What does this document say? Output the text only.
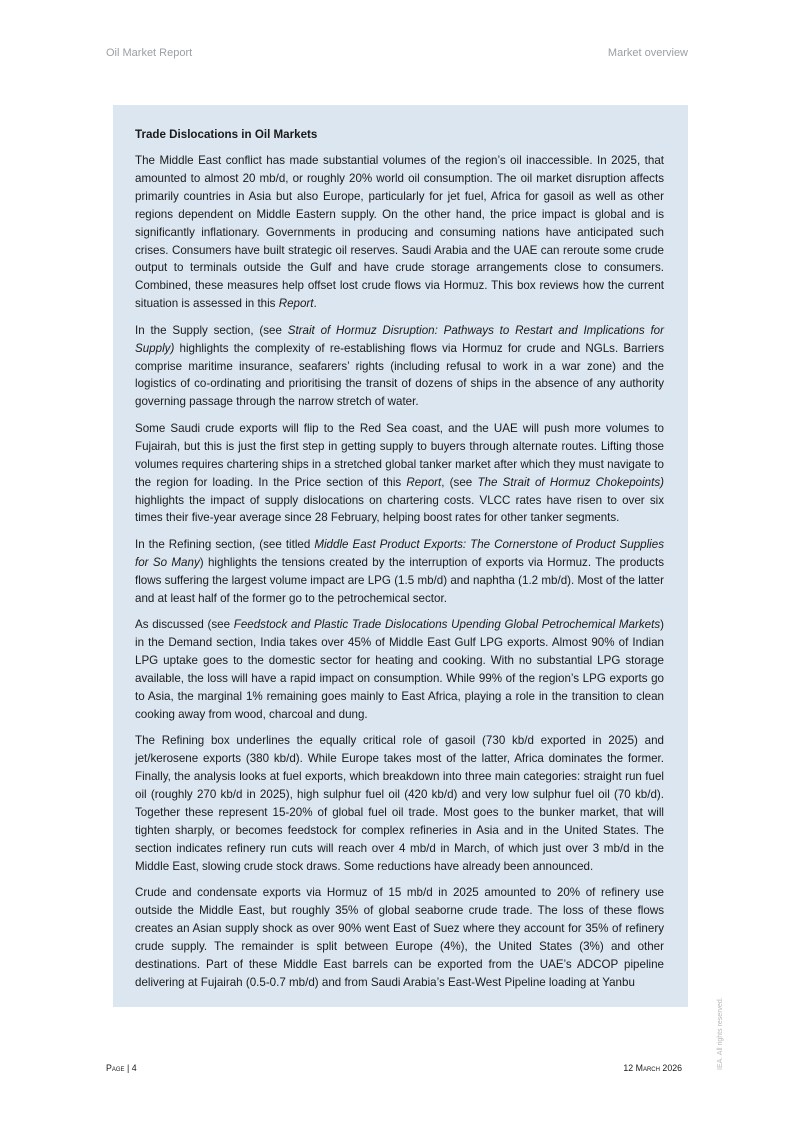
Oil Market Report	Market overview
Trade Dislocations in Oil Markets

The Middle East conflict has made substantial volumes of the region’s oil inaccessible. In 2025, that amounted to almost 20 mb/d, or roughly 20% world oil consumption. The oil market disruption affects primarily countries in Asia but also Europe, particularly for jet fuel, Africa for gasoil as well as other regions dependent on Middle Eastern supply. On the other hand, the price impact is global and is significantly inflationary. Governments in producing and consuming nations have anticipated such crises. Consumers have built strategic oil reserves. Saudi Arabia and the UAE can reroute some crude output to terminals outside the Gulf and have crude storage arrangements close to consumers. Combined, these measures help offset lost crude flows via Hormuz. This box reviews how the current situation is assessed in this Report.

In the Supply section, (see Strait of Hormuz Disruption: Pathways to Restart and Implications for Supply) highlights the complexity of re-establishing flows via Hormuz for crude and NGLs. Barriers comprise maritime insurance, seafarers’ rights (including refusal to work in a war zone) and the logistics of co-ordinating and prioritising the transit of dozens of ships in the absence of any authority governing passage through the narrow stretch of water.

Some Saudi crude exports will flip to the Red Sea coast, and the UAE will push more volumes to Fujairah, but this is just the first step in getting supply to buyers through alternate routes. Lifting those volumes requires chartering ships in a stretched global tanker market after which they must navigate to the region for loading. In the Price section of this Report, (see The Strait of Hormuz Chokepoints) highlights the impact of supply dislocations on chartering costs. VLCC rates have risen to over six times their five-year average since 28 February, helping boost rates for other tanker segments.

In the Refining section, (see titled Middle East Product Exports: The Cornerstone of Product Supplies for So Many) highlights the tensions created by the interruption of exports via Hormuz. The products flows suffering the largest volume impact are LPG (1.5 mb/d) and naphtha (1.2 mb/d). Most of the latter and at least half of the former go to the petrochemical sector.

As discussed (see Feedstock and Plastic Trade Dislocations Upending Global Petrochemical Markets) in the Demand section, India takes over 45% of Middle East Gulf LPG exports. Almost 90% of Indian LPG uptake goes to the domestic sector for heating and cooking. With no substantial LPG storage available, the loss will have a rapid impact on consumption. While 99% of the region’s LPG exports go to Asia, the marginal 1% remaining goes mainly to East Africa, playing a role in the transition to clean cooking away from wood, charcoal and dung.

The Refining box underlines the equally critical role of gasoil (730 kb/d exported in 2025) and jet/kerosene exports (380 kb/d). While Europe takes most of the latter, Africa dominates the former. Finally, the analysis looks at fuel exports, which breakdown into three main categories: straight run fuel oil (roughly 270 kb/d in 2025), high sulphur fuel oil (420 kb/d) and very low sulphur fuel oil (70 kb/d). Together these represent 15-20% of global fuel oil trade. Most goes to the bunker market, that will tighten sharply, or becomes feedstock for complex refineries in Asia and in the United States. The section indicates refinery run cuts will reach over 4 mb/d in March, of which just over 3 mb/d in the Middle East, slowing crude stock draws. Some reductions have already been announced.

Crude and condensate exports via Hormuz of 15 mb/d in 2025 amounted to 20% of refinery use outside the Middle East, but roughly 35% of global seaborne crude trade. The loss of these flows creates an Asian supply shock as over 90% went East of Suez where they account for 35% of refinery crude supply. The remainder is split between Europe (4%), the United States (3%) and other destinations. Part of these Middle East barrels can be exported from the UAE’s ADCOP pipeline delivering at Fujairah (0.5-0.7 mb/d) and from Saudi Arabia’s East-West Pipeline loading at Yanbu

Page | 4	12 March 2026	IEA. All rights reserved.
